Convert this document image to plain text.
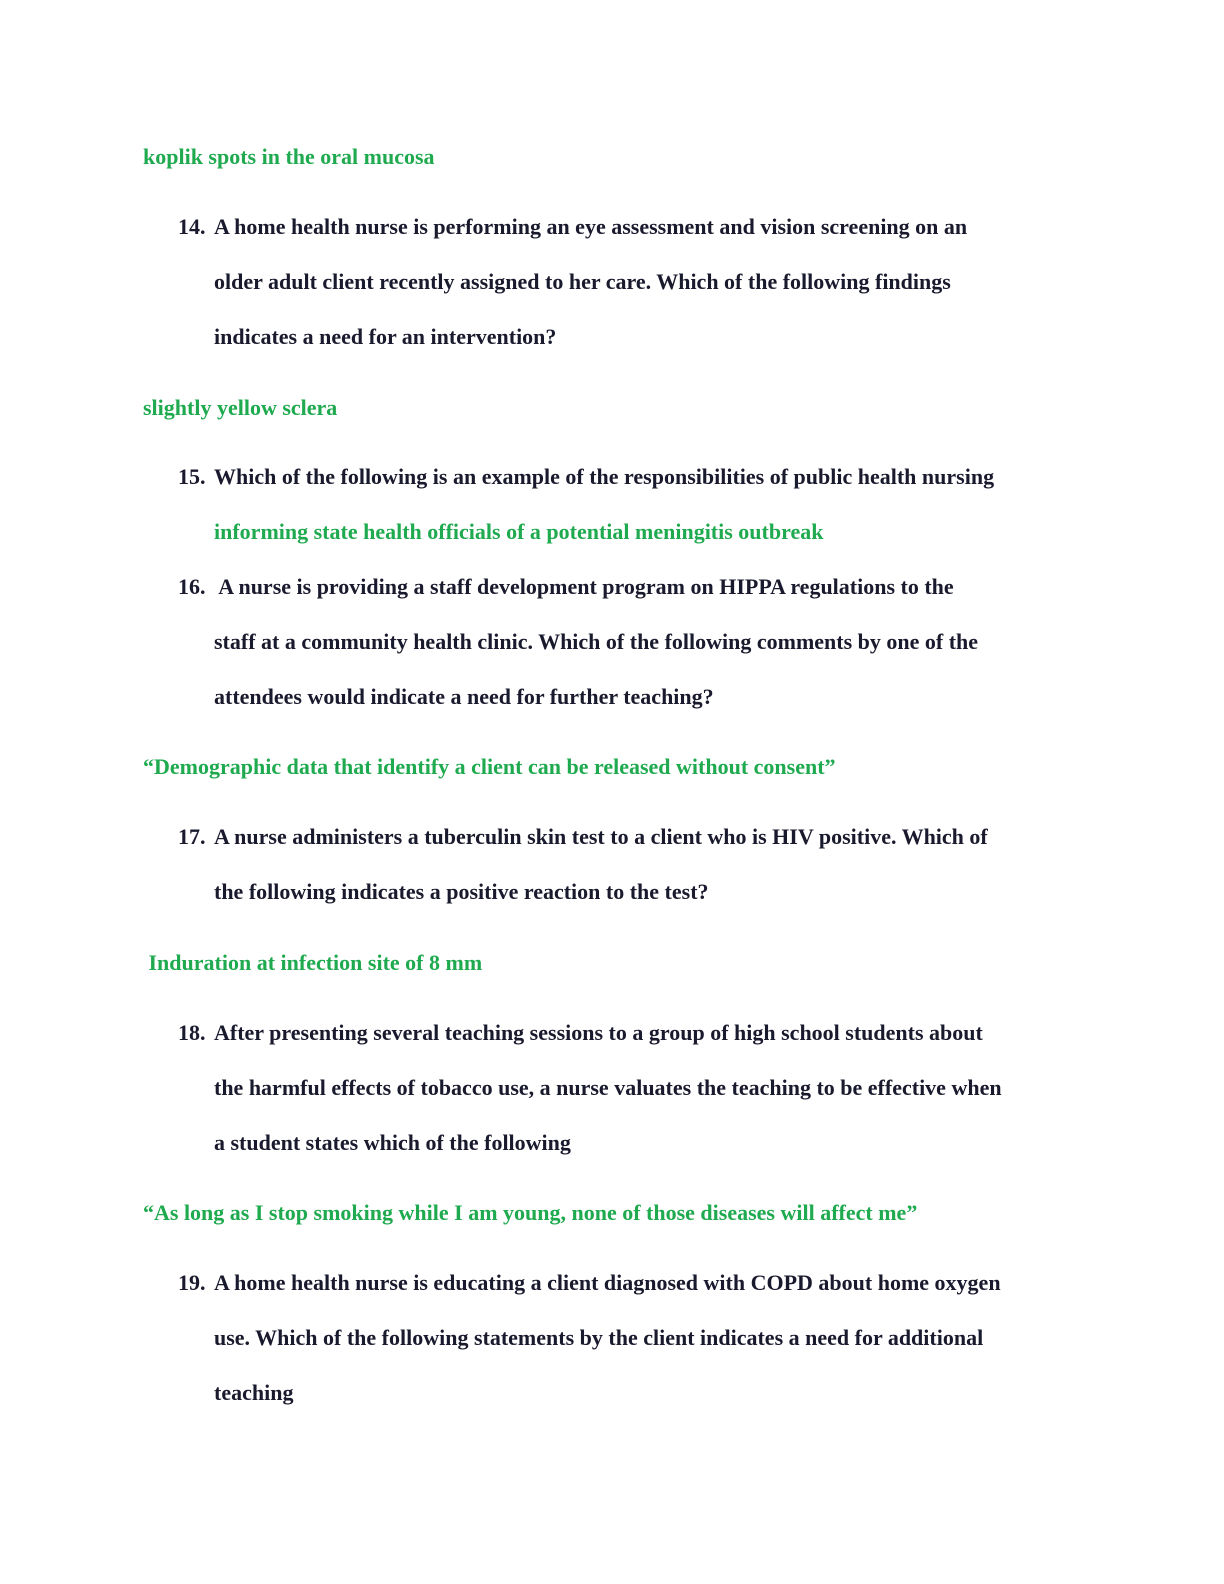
koplik spots in the oral mucosa

14. A home health nurse is performing an eye assessment and vision screening on an
older adult client recently assigned to her care. Which of the following findings
indicates a need for an intervention?

slightly yellow sclera

15. Which of the following is an example of the responsibilities of public health nursing
informing state health officials of a potential meningitis outbreak
16. A nurse is providing a staff development program on HIPPA regulations to the
staff at a community health clinic. Which of the following comments by one of the
attendees would indicate a need for further teaching?

“Demographic data that identify a client can be released without consent”

17. A nurse administers a tuberculin skin test to a client who is HIV positive. Which of
the following indicates a positive reaction to the test?

Induration at infection site of 8 mm

18. After presenting several teaching sessions to a group of high school students about
the harmful effects of tobacco use, a nurse valuates the teaching to be effective when
a student states which of the following

“As long as I stop smoking while I am young, none of those diseases will affect me”

19. A home health nurse is educating a client diagnosed with COPD about home oxygen
use. Which of the following statements by the client indicates a need for additional
teaching
